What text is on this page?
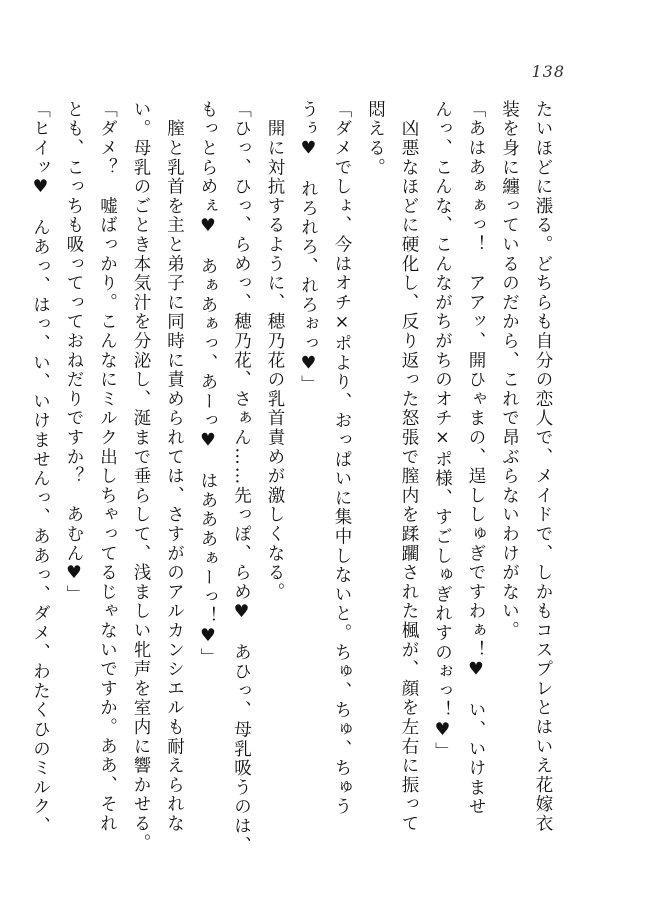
138
たいほどに漲る。どちらも自分の恋人で、メイドで、しかもコスプレとはいえ花嫁衣
装を身に纏っているのだから、これで昂ぶらないわけがない。
「あはあぁぁっ！　アアッ、開ひゃまの、逞ししゅぎですわぁ！♥　い、いけませ
んっ、こんな、こんながちがちのオチ×ポ様、すごしゅぎれすのぉっ！♥」
　凶悪なほどに硬化し、反り返った怒張で膣内を蹂躙された楓が、顔を左右に振って
悶える。
「ダメでしょ、今はオチ×ポより、おっぱいに集中しないと。ちゅ、ちゅ、ちゅう
うぅ♥　れろれろ、れろぉっ♥」
　開に対抗するように、穂乃花の乳首責めが激しくなる。
「ひっ、ひっ、らめっ、穂乃花、さぁん……先っぽ、らめ♥　あひっ、母乳吸うのは、
もっとらめぇ♥　あぁあぁっ、あーっ♥　はあああぁーっ！♥」
　膣と乳首を主と弟子に同時に責められては、さすがのアルカンシエルも耐えられな
い。母乳のごとき本気汁を分泌し、涎まで垂らして、浅ましい牝声を室内に響かせる。
「ダメ？　嘘ばっかり。こんなにミルク出しちゃってるじゃないですか。ああ、それ
とも、こっちも吸ってっておねだりですか？　あむん♥」
「ヒイッ♥　んあっ、はっ、い、いけませんっ、ああっ、ダメ、わたくひのミルク、
